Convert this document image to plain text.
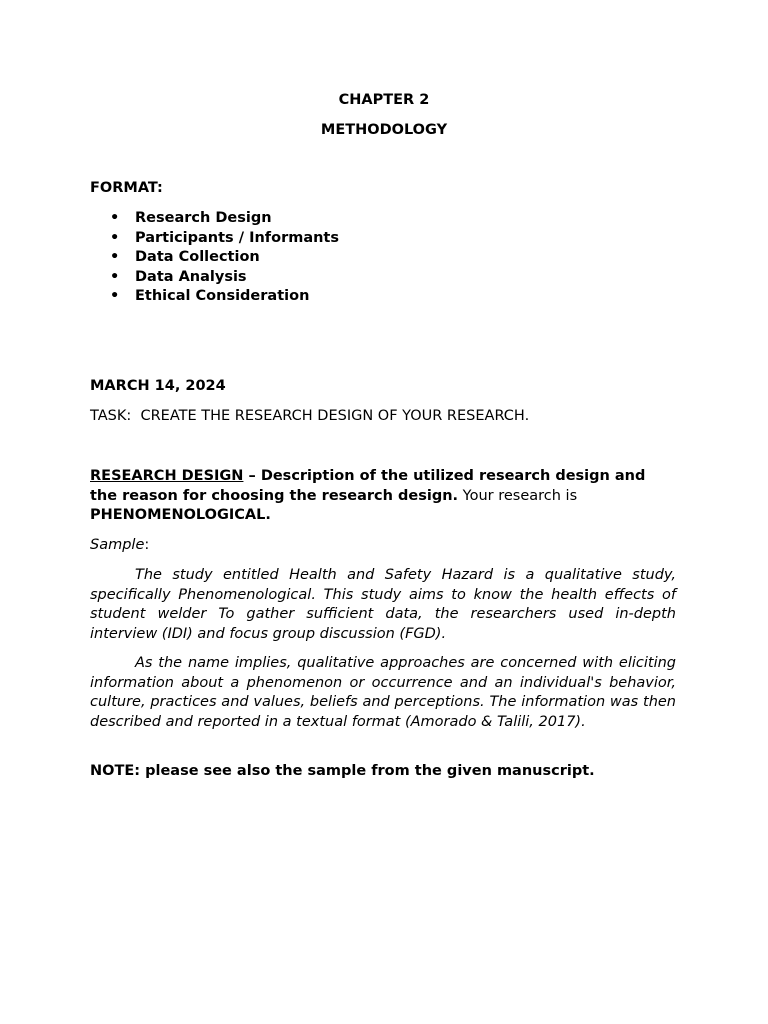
CHAPTER 2
METHODOLOGY
FORMAT:
• Research Design
• Participants / Informants
• Data Collection
• Data Analysis
• Ethical Consideration
MARCH 14, 2024
TASK:  CREATE THE RESEARCH DESIGN OF YOUR RESEARCH.
RESEARCH DESIGN – Description of the utilized research design and the reason for choosing the research design. Your research is PHENOMENOLOGICAL.
Sample:
The study entitled Health and Safety Hazard is a qualitative study, specifically Phenomenological. This study aims to know the health effects of student welder To gather sufficient data, the researchers used in-depth interview (IDI) and focus group discussion (FGD).
As the name implies, qualitative approaches are concerned with eliciting information about a phenomenon or occurrence and an individual's behavior, culture, practices and values, beliefs and perceptions. The information was then described and reported in a textual format (Amorado & Talili, 2017).
NOTE: please see also the sample from the given manuscript.
